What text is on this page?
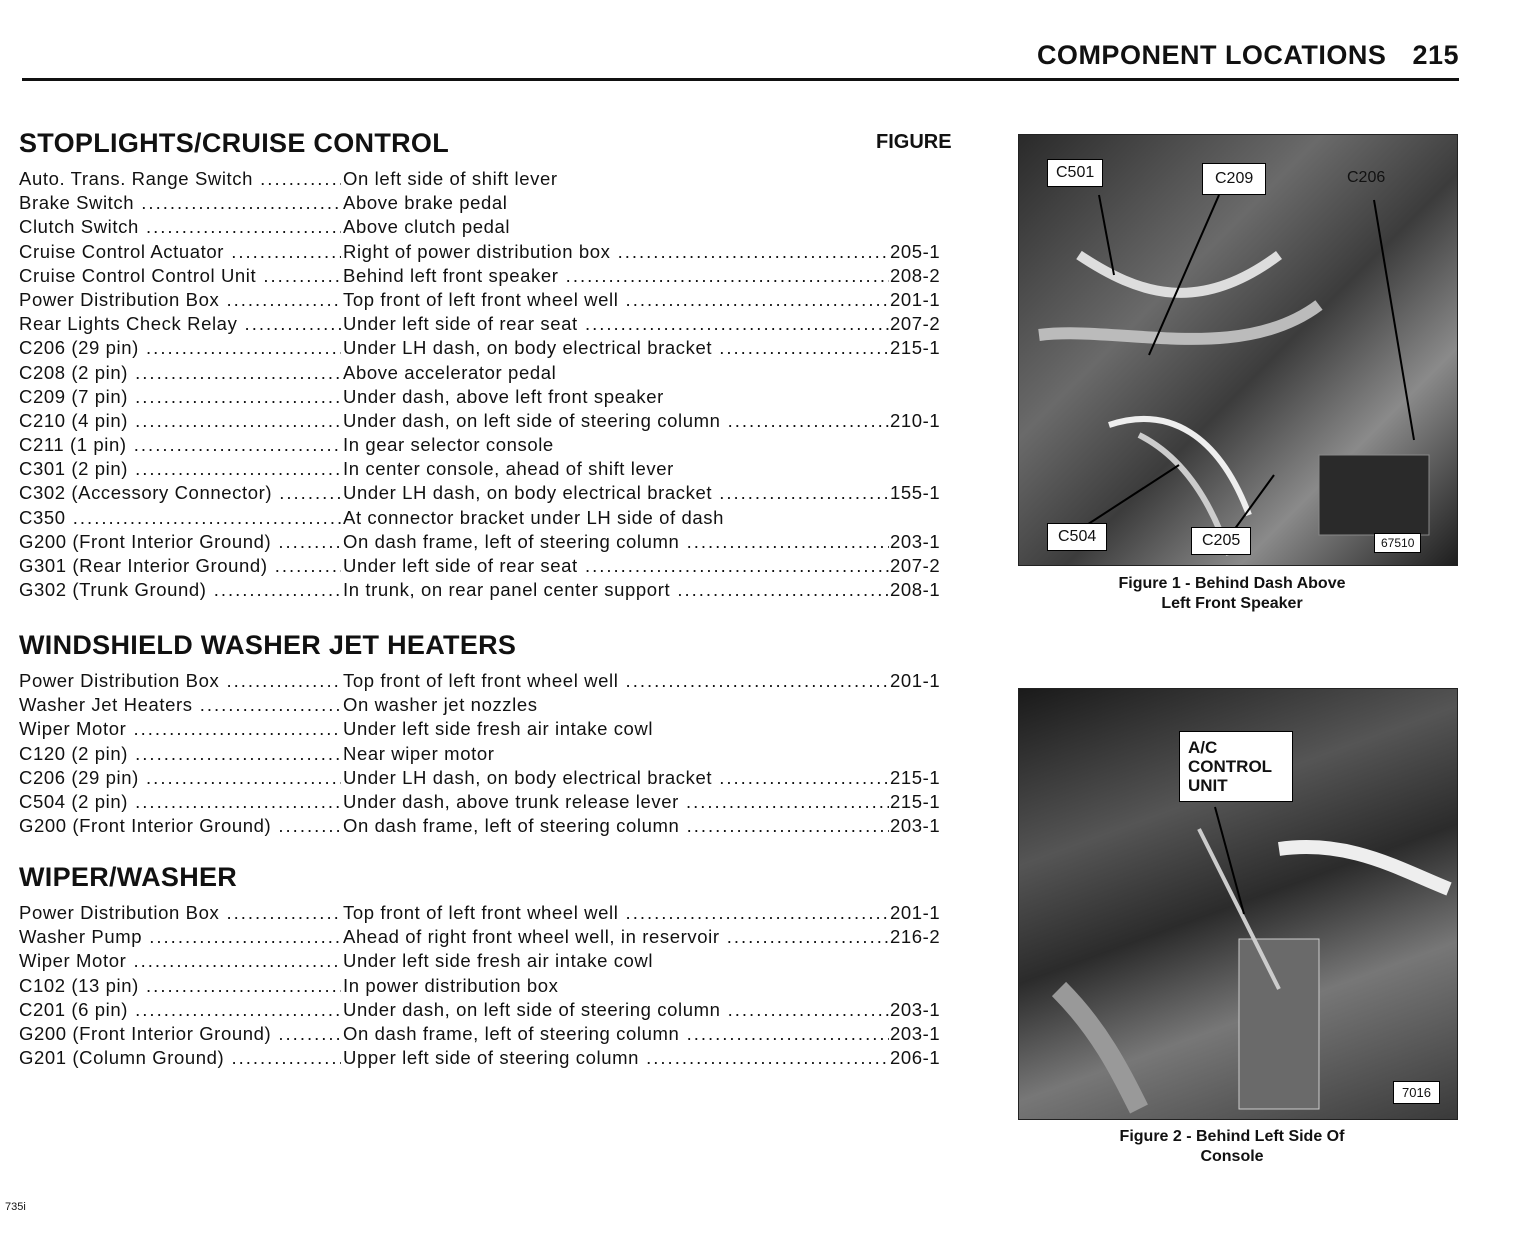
COMPONENT LOCATIONS 215
STOPLIGHTS/CRUISE CONTROL	FIGURE
Auto. Trans. Range Switch .....	On left side of shift lever
Brake Switch .....	Above brake pedal
Clutch Switch .....	Above clutch pedal
Cruise Control Actuator .....	Right of power distribution box .....	205-1
Cruise Control Control Unit .....	Behind left front speaker .....	208-2
Power Distribution Box .....	Top front of left front wheel well .....	201-1
Rear Lights Check Relay .....	Under left side of rear seat .....	207-2
C206 (29 pin) .....	Under LH dash, on body electrical bracket .....	215-1
C208 (2 pin) .....	Above accelerator pedal
C209 (7 pin) .....	Under dash, above left front speaker
C210 (4 pin) .....	Under dash, on left side of steering column .....	210-1
C211 (1 pin) .....	In gear selector console
C301 (2 pin) .....	In center console, ahead of shift lever
C302 (Accessory Connector) .....	Under LH dash, on body electrical bracket .....	155-1
C350 .....	At connector bracket under LH side of dash
G200 (Front Interior Ground) .....	On dash frame, left of steering column .....	203-1
G301 (Rear Interior Ground) .....	Under left side of rear seat .....	207-2
G302 (Trunk Ground) .....	In trunk, on rear panel center support .....	208-1
WINDSHIELD WASHER JET HEATERS
Power Distribution Box .....	Top front of left front wheel well .....	201-1
Washer Jet Heaters .....	On washer jet nozzles
Wiper Motor .....	Under left side fresh air intake cowl
C120 (2 pin) .....	Near wiper motor
C206 (29 pin) .....	Under LH dash, on body electrical bracket .....	215-1
C504 (2 pin) .....	Under dash, above trunk release lever .....	215-1
G200 (Front Interior Ground) .....	On dash frame, left of steering column .....	203-1
WIPER/WASHER
Power Distribution Box .....	Top front of left front wheel well .....	201-1
Washer Pump .....	Ahead of right front wheel well, in reservoir .....	216-2
Wiper Motor .....	Under left side fresh air intake cowl
C102 (13 pin) .....	In power distribution box
C201 (6 pin) .....	Under dash, on left side of steering column .....	203-1
G200 (Front Interior Ground) .....	On dash frame, left of steering column .....	203-1
G201 (Column Ground) .....	Upper left side of steering column .....	206-1
C501	C209	C206
C504	C205	67510
Figure 1 - Behind Dash Above
Left Front Speaker
A/C
CONTROL
UNIT
7016
Figure 2 - Behind Left Side Of
Console
735i
